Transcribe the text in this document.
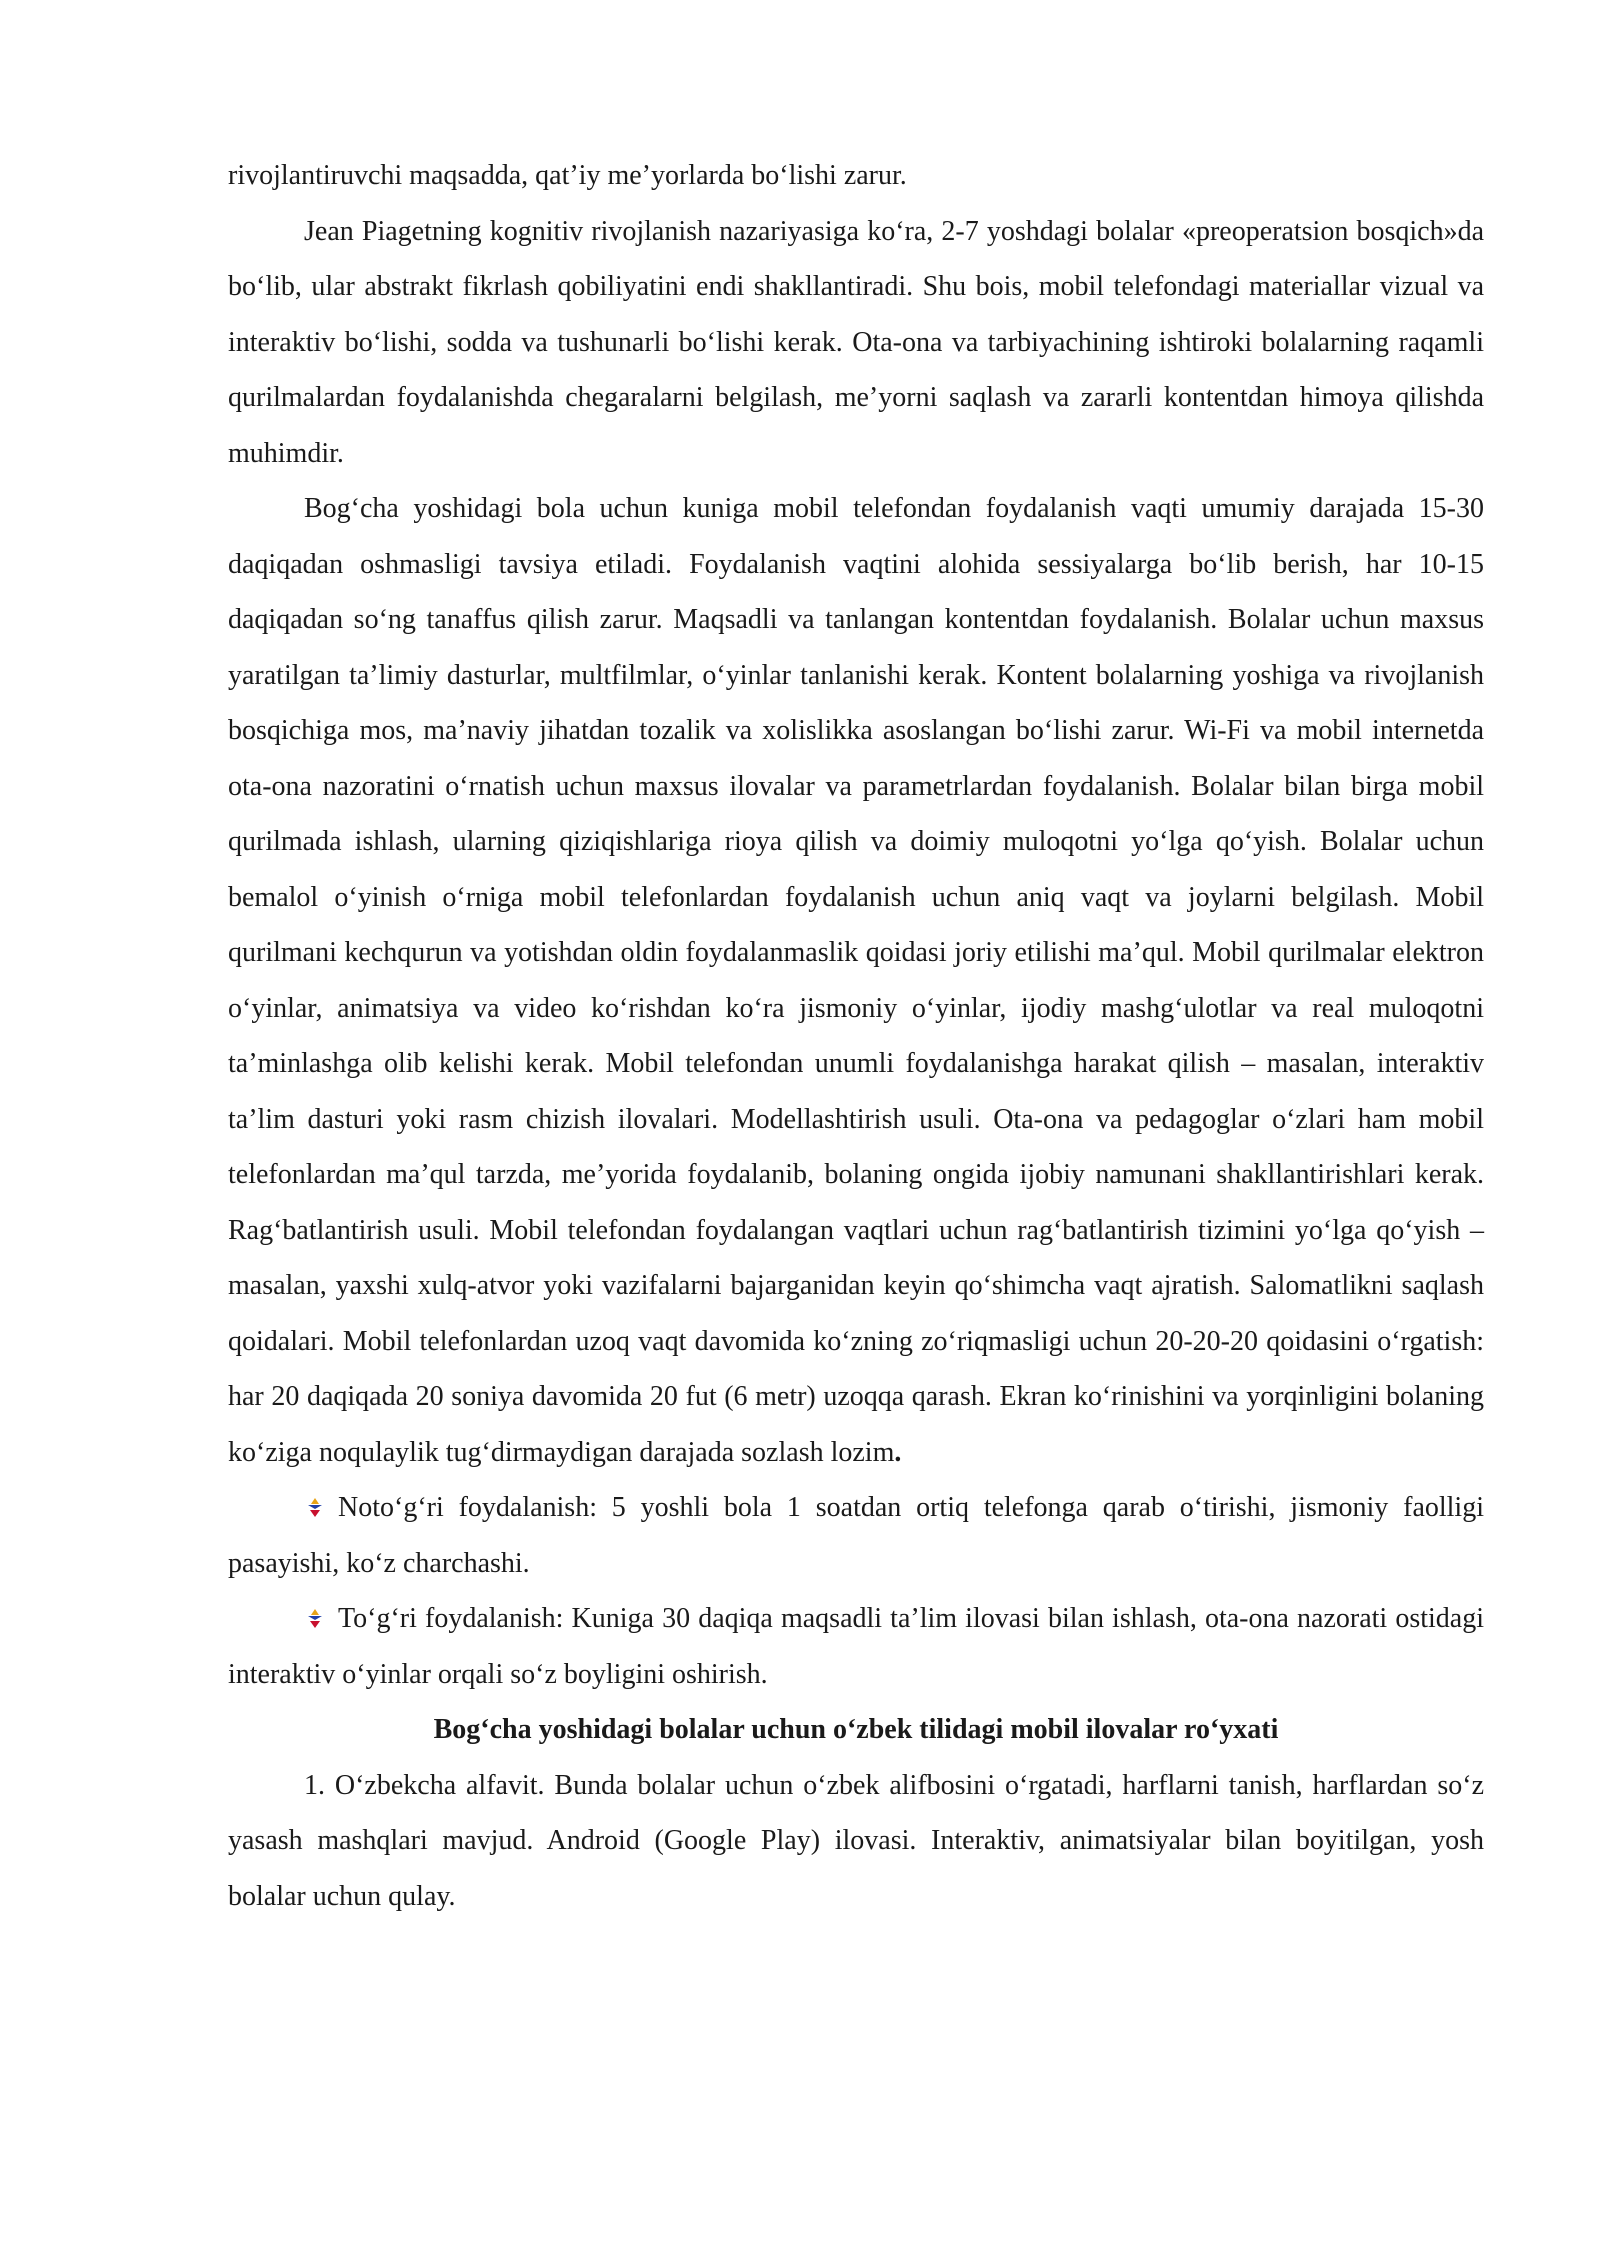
rivojlantiruvchi maqsadda, qat’iy me’yorlarda bo‘lishi zarur.

Jean Piagetning kognitiv rivojlanish nazariyasiga ko‘ra, 2-7 yoshdagi bolalar «preoperatsion bosqich»da bo‘lib, ular abstrakt fikrlash qobiliyatini endi shakllantiradi. Shu bois, mobil telefondagi materiallar vizual va interaktiv bo‘lishi, sodda va tushunarli bo‘lishi kerak. Ota-ona va tarbiyachining ishtiroki bolalarning raqamli qurilmalardan foydalanishda chegaralarni belgilash, me’yorni saqlash va zararli kontentdan himoya qilishda muhimdir.

Bog‘cha yoshidagi bola uchun kuniga mobil telefondan foydalanish vaqti umumiy darajada 15-30 daqiqadan oshmasligi tavsiya etiladi. Foydalanish vaqtini alohida sessiyalarga bo‘lib berish, har 10-15 daqiqadan so‘ng tanaffus qilish zarur. Maqsadli va tanlangan kontentdan foydalanish. Bolalar uchun maxsus yaratilgan ta’limiy dasturlar, multfilmlar, o‘yinlar tanlanishi kerak. Kontent bolalarning yoshiga va rivojlanish bosqichiga mos, ma’naviy jihatdan tozalik va xolislikka asoslangan bo‘lishi zarur. Wi-Fi va mobil internetda ota-ona nazoratini o‘rnatish uchun maxsus ilovalar va parametrlardan foydalanish. Bolalar bilan birga mobil qurilmada ishlash, ularning qiziqishlariga rioya qilish va doimiy muloqotni yo‘lga qo‘yish. Bolalar uchun bemalol o‘yinish o‘rniga mobil telefonlardan foydalanish uchun aniq vaqt va joylarni belgilash. Mobil qurilmani kechqurun va yotishdan oldin foydalanmaslik qoidasi joriy etilishi ma’qul. Mobil qurilmalar elektron o‘yinlar, animatsiya va video ko‘rishdan ko‘ra jismoniy o‘yinlar, ijodiy mashg‘ulotlar va real muloqotni ta’minlashga olib kelishi kerak. Mobil telefondan unumli foydalanishga harakat qilish – masalan, interaktiv ta’lim dasturi yoki rasm chizish ilovalari. Modellashtirish usuli. Ota-ona va pedagoglar o‘zlari ham mobil telefonlardan ma’qul tarzda, me’yorida foydalanib, bolaning ongida ijobiy namunani shakllantirishlari kerak. Rag‘batlantirish usuli. Mobil telefondan foydalangan vaqtlari uchun rag‘batlantirish tizimini yo‘lga qo‘yish – masalan, yaxshi xulq-atvor yoki vazifalarni bajarganidan keyin qo‘shimcha vaqt ajratish. Salomatlikni saqlash qoidalari. Mobil telefonlardan uzoq vaqt davomida ko‘zning zo‘riqmasligi uchun 20-20-20 qoidasini o‘rgatish: har 20 daqiqada 20 soniya davomida 20 fut (6 metr) uzoqqa qarash. Ekran ko‘rinishini va yorqinligini bolaning ko‘ziga noqulaylik tug‘dirmaydigan darajada sozlash lozim.

Noto‘g‘ri foydalanish: 5 yoshli bola 1 soatdan ortiq telefonga qarab o‘tirishi, jismoniy faolligi pasayishi, ko‘z charchashi.

To‘g‘ri foydalanish: Kuniga 30 daqiqa maqsadli ta’lim ilovasi bilan ishlash, ota-ona nazorati ostidagi interaktiv o‘yinlar orqali so‘z boyligini oshirish.

Bog‘cha yoshidagi bolalar uchun o‘zbek tilidagi mobil ilovalar ro‘yxati

1. O‘zbekcha alfavit. Bunda bolalar uchun o‘zbek alifbosini o‘rgatadi, harflarni tanish, harflardan so‘z yasash mashqlari mavjud. Android (Google Play) ilovasi. Interaktiv, animatsiyalar bilan boyitilgan, yosh bolalar uchun qulay.
